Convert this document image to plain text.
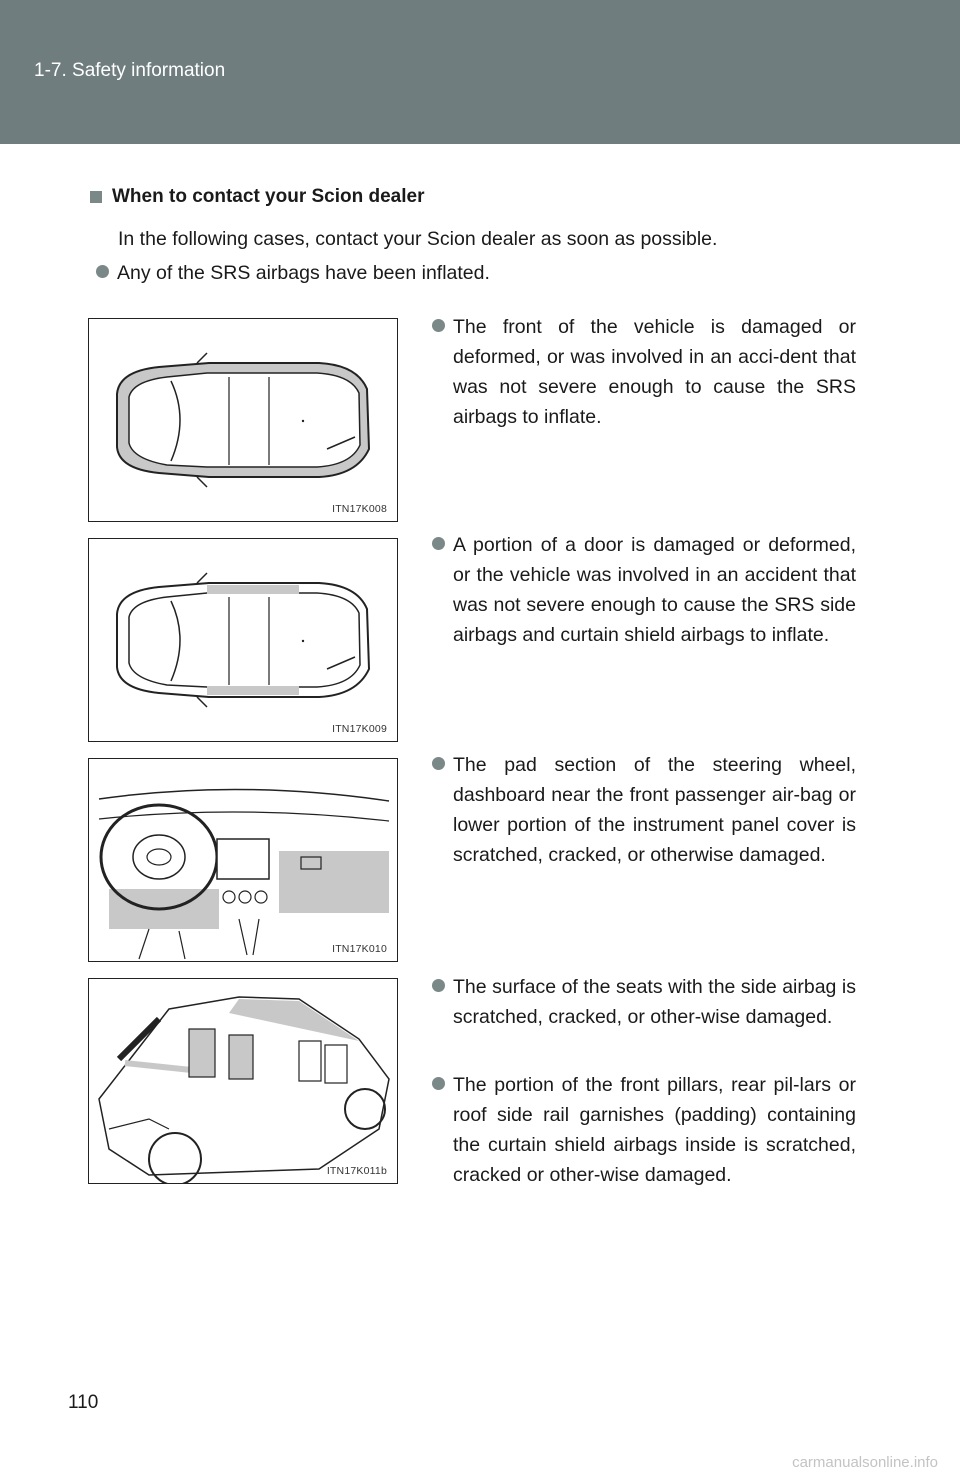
1-7. Safety information
When to contact your Scion dealer
In the following cases, contact your Scion dealer as soon as possible.
Any of the SRS airbags have been inflated.
ITN17K008
The front of the vehicle is damaged or deformed, or was involved in an acci-dent that was not severe enough to cause the SRS airbags to inflate.
ITN17K009
A portion of a door is damaged or deformed, or the vehicle was involved in an accident that was not severe enough to cause the SRS side airbags and curtain shield airbags to inflate.
ITN17K010
The pad section of the steering wheel, dashboard near the front passenger air-bag or lower portion of the instrument panel cover is scratched, cracked, or otherwise damaged.
ITN17K011b
The surface of the seats with the side airbag is scratched, cracked, or other-wise damaged.
The portion of the front pillars, rear pil-lars or roof side rail garnishes (padding) containing the curtain shield airbags inside is scratched, cracked or other-wise damaged.
110
carmanualsonline.info
